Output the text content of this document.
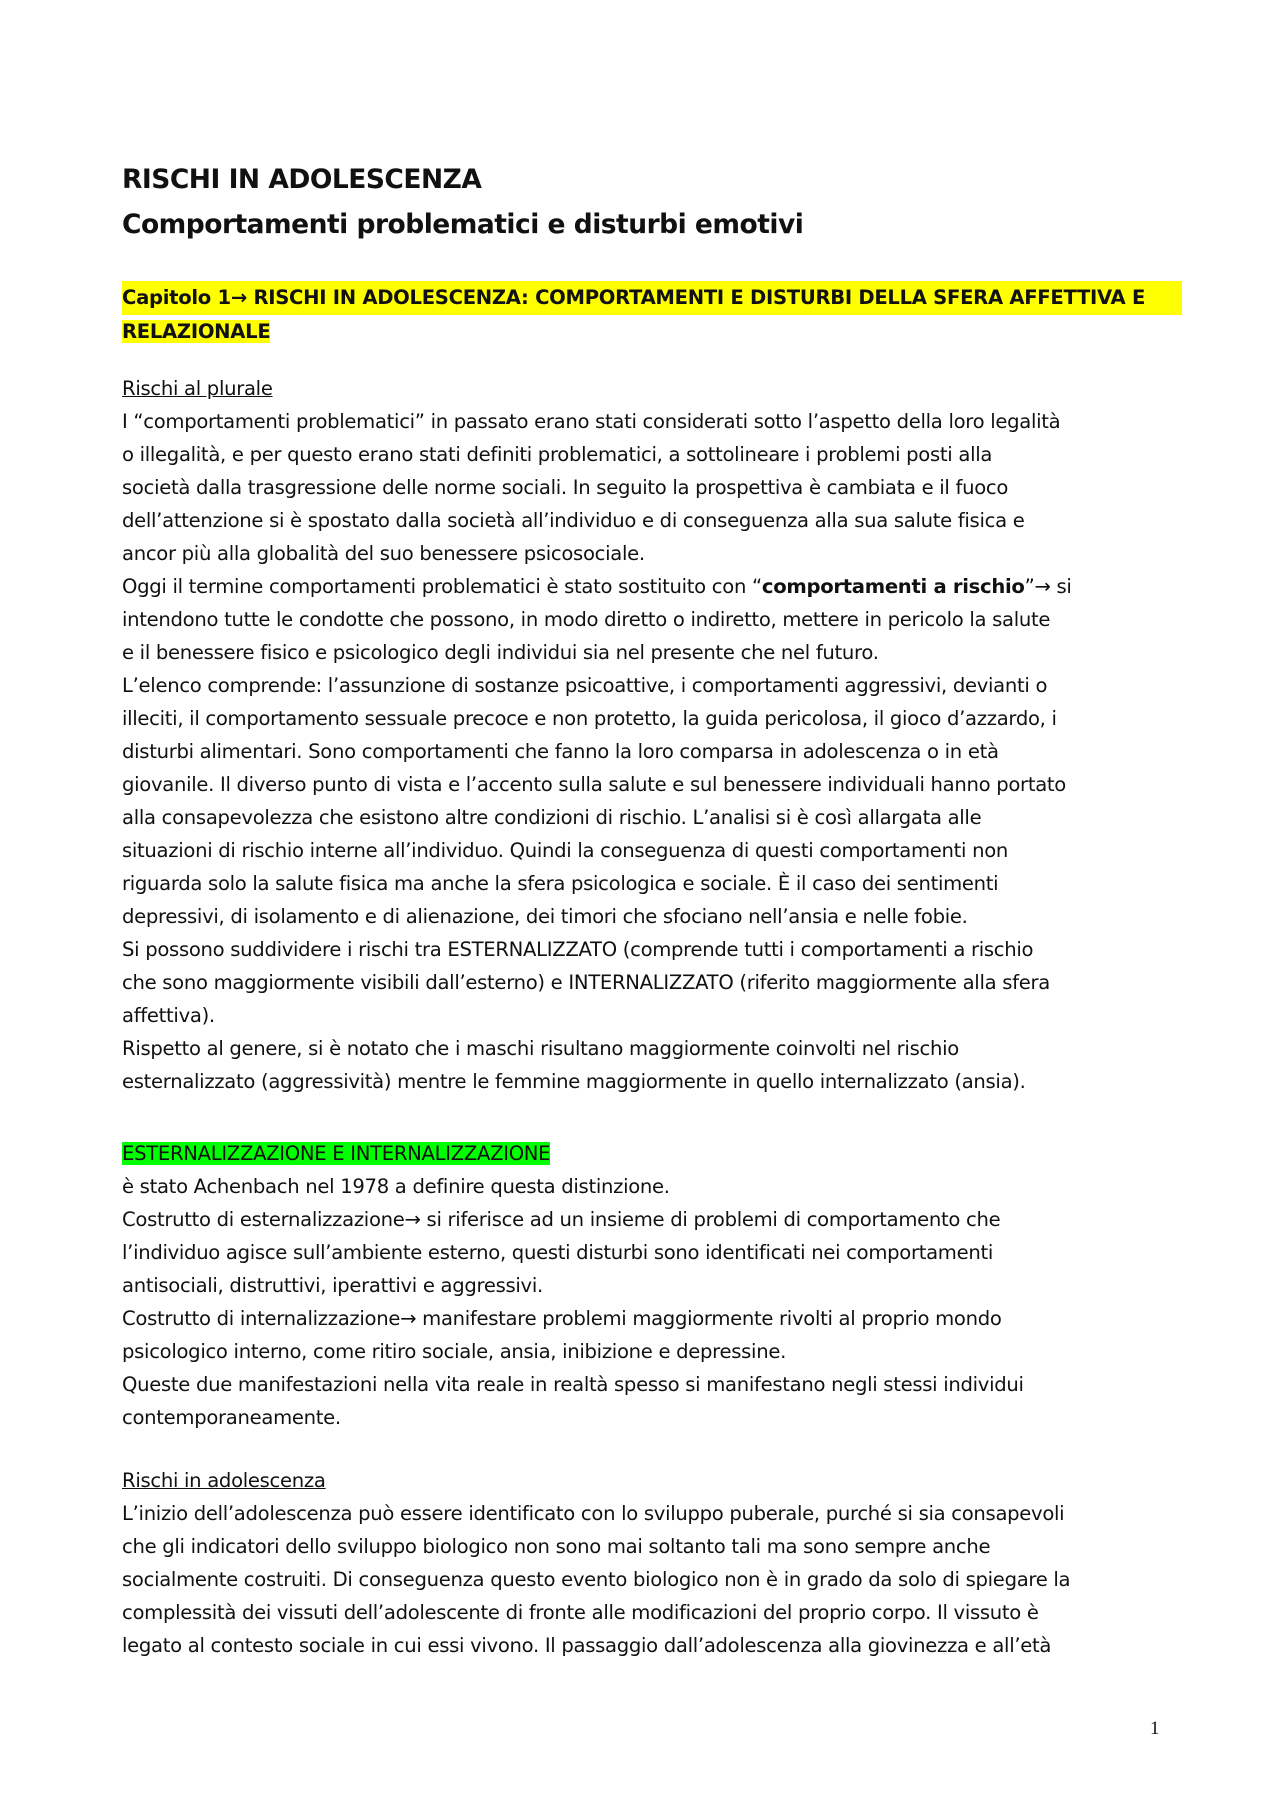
RISCHI IN ADOLESCENZA
Comportamenti problematici e disturbi emotivi
Capitolo 1→ RISCHI IN ADOLESCENZA: COMPORTAMENTI E DISTURBI DELLA SFERA AFFETTIVA E
RELAZIONALE
Rischi al plurale
I “comportamenti problematici” in passato erano stati considerati sotto l’aspetto della loro legalità
o illegalità, e per questo erano stati definiti problematici, a sottolineare i problemi posti alla
società dalla trasgressione delle norme sociali. In seguito la prospettiva è cambiata e il fuoco
dell’attenzione si è spostato dalla società all’individuo e di conseguenza alla sua salute fisica e
ancor più alla globalità del suo benessere psicosociale.
Oggi il termine comportamenti problematici è stato sostituito con “comportamenti a rischio”→ si
intendono tutte le condotte che possono, in modo diretto o indiretto, mettere in pericolo la salute
e il benessere fisico e psicologico degli individui sia nel presente che nel futuro.
L’elenco comprende: l’assunzione di sostanze psicoattive, i comportamenti aggressivi, devianti o
illeciti, il comportamento sessuale precoce e non protetto, la guida pericolosa, il gioco d’azzardo, i
disturbi alimentari. Sono comportamenti che fanno la loro comparsa in adolescenza o in età
giovanile. Il diverso punto di vista e l’accento sulla salute e sul benessere individuali hanno portato
alla consapevolezza che esistono altre condizioni di rischio. L’analisi si è così allargata alle
situazioni di rischio interne all’individuo. Quindi la conseguenza di questi comportamenti non
riguarda solo la salute fisica ma anche la sfera psicologica e sociale. È il caso dei sentimenti
depressivi, di isolamento e di alienazione, dei timori che sfociano nell’ansia e nelle fobie.
Si possono suddividere i rischi tra ESTERNALIZZATO (comprende tutti i comportamenti a rischio
che sono maggiormente visibili dall’esterno) e INTERNALIZZATO (riferito maggiormente alla sfera
affettiva).
Rispetto al genere, si è notato che i maschi risultano maggiormente coinvolti nel rischio
esternalizzato (aggressività) mentre le femmine maggiormente in quello internalizzato (ansia).
ESTERNALIZZAZIONE E INTERNALIZZAZIONE
è stato Achenbach nel 1978 a definire questa distinzione.
Costrutto di esternalizzazione→ si riferisce ad un insieme di problemi di comportamento che
l’individuo agisce sull’ambiente esterno, questi disturbi sono identificati nei comportamenti
antisociali, distruttivi, iperattivi e aggressivi.
Costrutto di internalizzazione→ manifestare problemi maggiormente rivolti al proprio mondo
psicologico interno, come ritiro sociale, ansia, inibizione e depressine.
Queste due manifestazioni nella vita reale in realtà spesso si manifestano negli stessi individui
contemporaneamente.
Rischi in adolescenza
L’inizio dell’adolescenza può essere identificato con lo sviluppo puberale, purché si sia consapevoli
che gli indicatori dello sviluppo biologico non sono mai soltanto tali ma sono sempre anche
socialmente costruiti. Di conseguenza questo evento biologico non è in grado da solo di spiegare la
complessità dei vissuti dell’adolescente di fronte alle modificazioni del proprio corpo. Il vissuto è
legato al contesto sociale in cui essi vivono. Il passaggio dall’adolescenza alla giovinezza e all’età
1
